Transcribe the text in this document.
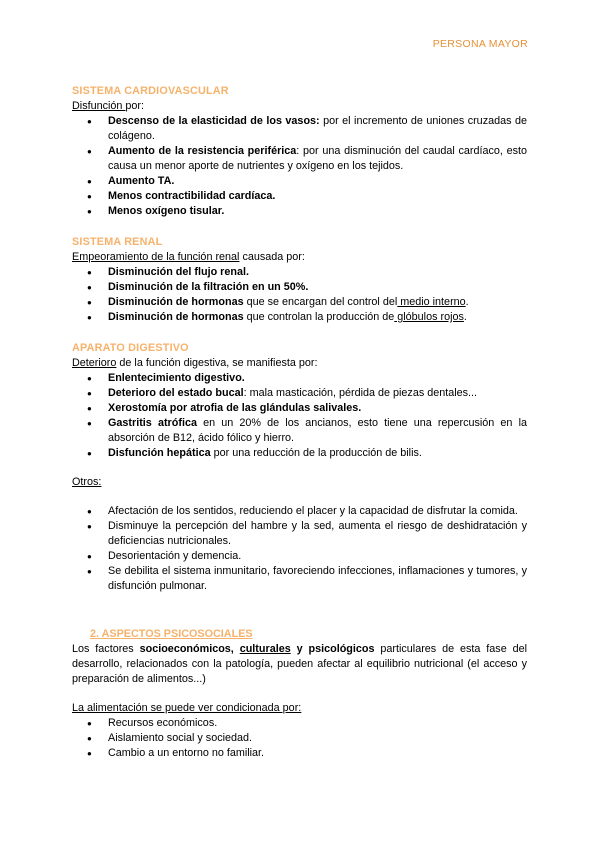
PERSONA MAYOR
SISTEMA CARDIOVASCULAR
Disfunción por:
● Descenso de la elasticidad de los vasos: por el incremento de uniones cruzadas de colágeno.
● Aumento de la resistencia periférica: por una disminución del caudal cardíaco, esto causa un menor aporte de nutrientes y oxígeno en los tejidos.
● Aumento TA.
● Menos contractibilidad cardíaca.
● Menos oxígeno tisular.
SISTEMA RENAL
Empeoramiento de la función renal causada por:
● Disminución del flujo renal.
● Disminución de la filtración en un 50%.
● Disminución de hormonas que se encargan del control del medio interno.
● Disminución de hormonas que controlan la producción de glóbulos rojos.
APARATO DIGESTIVO
Deterioro de la función digestiva, se manifiesta por:
● Enlentecimiento digestivo.
● Deterioro del estado bucal: mala masticación, pérdida de piezas dentales...
● Xerostomía por atrofia de las glándulas salivales.
● Gastritis atrófica en un 20% de los ancianos, esto tiene una repercusión en la absorción de B12, ácido fólico y hierro.
● Disfunción hepática por una reducción de la producción de bilis.
Otros:
● Afectación de los sentidos, reduciendo el placer y la capacidad de disfrutar la comida.
● Disminuye la percepción del hambre y la sed, aumenta el riesgo de deshidratación y deficiencias nutricionales.
● Desorientación y demencia.
● Se debilita el sistema inmunitario, favoreciendo infecciones, inflamaciones y tumores, y disfunción pulmonar.
2. ASPECTOS PSICOSOCIALES
Los factores socioeconómicos, culturales y psicológicos particulares de esta fase del desarrollo, relacionados con la patología, pueden afectar al equilibrio nutricional (el acceso y preparación de alimentos...)
La alimentación se puede ver condicionada por:
● Recursos económicos.
● Aislamiento social y sociedad.
● Cambio a un entorno no familiar.
